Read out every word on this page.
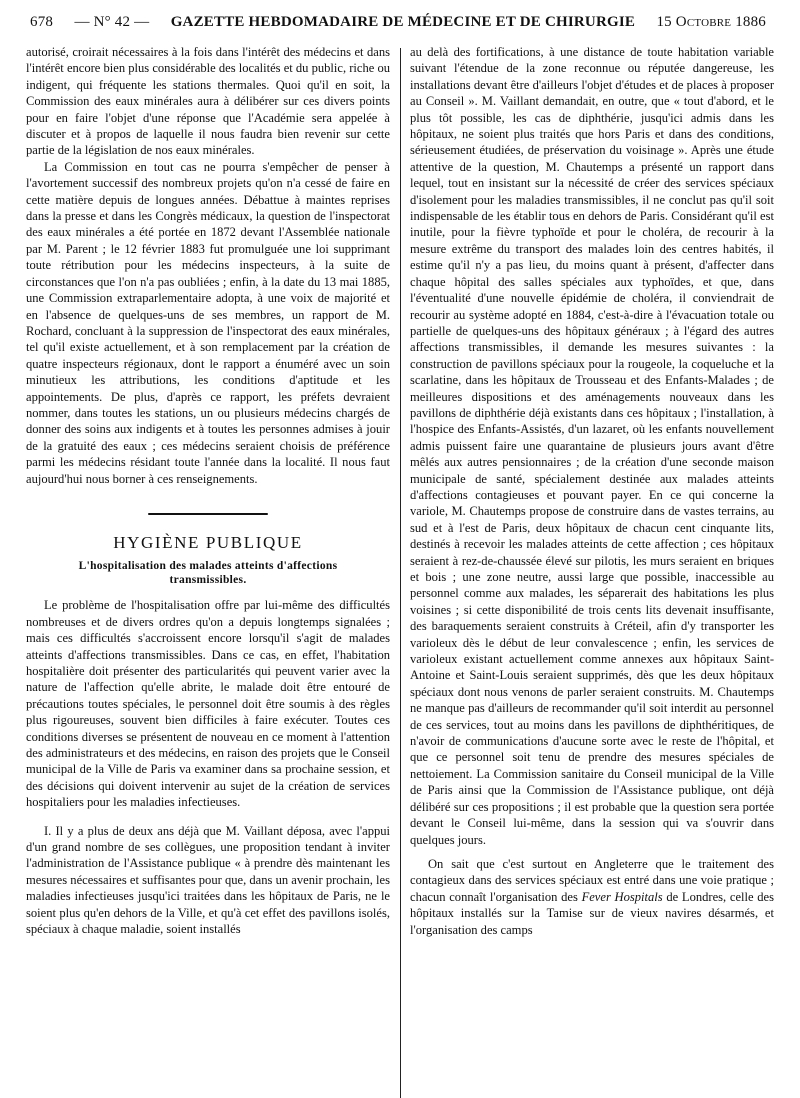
678 — N° 42 — GAZETTE HEBDOMADAIRE DE MÉDECINE ET DE CHIRURGIE 15 Octobre 1886

autorisé, croirait nécessaires à la fois dans l'intérêt des médecins et dans l'intérêt encore bien plus considérable des localités et du public, riche ou indigent, qui fréquente les stations thermales. Quoi qu'il en soit, la Commission des eaux minérales aura à délibérer sur ces divers points pour en faire l'objet d'une réponse que l'Académie sera appelée à discuter et à propos de laquelle il nous faudra bien revenir sur cette partie de la législation de nos eaux minérales.

La Commission en tout cas ne pourra s'empêcher de penser à l'avortement successif des nombreux projets qu'on n'a cessé de faire en cette matière depuis de longues années. Débattue à maintes reprises dans la presse et dans les Congrès médicaux, la question de l'inspectorat des eaux minérales a été portée en 1872 devant l'Assemblée nationale par M. Parent ; le 12 février 1883 fut promulguée une loi supprimant toute rétribution pour les médecins inspecteurs, à la suite de circonstances que l'on n'a pas oubliées ; enfin, à la date du 13 mai 1885, une Commission extraparlementaire adopta, à une voix de majorité et en l'absence de quelques-uns de ses membres, un rapport de M. Rochard, concluant à la suppression de l'inspectorat des eaux minérales, tel qu'il existe actuellement, et à son remplacement par la création de quatre inspecteurs régionaux, dont le rapport a énuméré avec un soin minutieux les attributions, les conditions d'aptitude et les appointements. De plus, d'après ce rapport, les préfets devraient nommer, dans toutes les stations, un ou plusieurs médecins chargés de donner des soins aux indigents et à toutes les personnes admises à jouir de la gratuité des eaux ; ces médecins seraient choisis de préférence parmi les médecins résidant toute l'année dans la localité. Il nous faut aujourd'hui nous borner à ces renseignements.

HYGIÈNE PUBLIQUE
L'hospitalisation des malades atteints d'affections transmissibles.

Le problème de l'hospitalisation offre par lui-même des difficultés nombreuses et de divers ordres qu'on a depuis longtemps signalées ; mais ces difficultés s'accroissent encore lorsqu'il s'agit de malades atteints d'affections transmissibles. Dans ce cas, en effet, l'habitation hospitalière doit présenter des particularités qui peuvent varier avec la nature de l'affection qu'elle abrite, le malade doit être entouré de précautions toutes spéciales, le personnel doit être soumis à des règles plus rigoureuses, souvent bien difficiles à faire exécuter. Toutes ces conditions diverses se présentent de nouveau en ce moment à l'attention des administrateurs et des médecins, en raison des projets que le Conseil municipal de la Ville de Paris va examiner dans sa prochaine session, et des décisions qui doivent intervenir au sujet de la création de services hospitaliers pour les maladies infectieuses.

I. Il y a plus de deux ans déjà que M. Vaillant déposa, avec l'appui d'un grand nombre de ses collègues, une proposition tendant à inviter l'administration de l'Assistance publique « à prendre dès maintenant les mesures nécessaires et suffisantes pour que, dans un avenir prochain, les maladies infectieuses jusqu'ici traitées dans les hôpitaux de Paris, ne le soient plus qu'en dehors de la Ville, et qu'à cet effet des pavillons isolés, spéciaux à chaque maladie, soient installés

au delà des fortifications, à une distance de toute habitation variable suivant l'étendue de la zone reconnue ou réputée dangereuse, les installations devant être d'ailleurs l'objet d'études et de places à proposer au Conseil ». M. Vaillant demandait, en outre, que « tout d'abord, et le plus tôt possible, les cas de diphthérie, jusqu'ici admis dans les hôpitaux, ne soient plus traités que hors Paris et dans des conditions, sérieusement étudiées, de préservation du voisinage ». Après une étude attentive de la question, M. Chautemps a présenté un rapport dans lequel, tout en insistant sur la nécessité de créer des services spéciaux d'isolement pour les maladies transmissibles, il ne conclut pas qu'il soit indispensable de les établir tous en dehors de Paris. Considérant qu'il est inutile, pour la fièvre typhoïde et pour le choléra, de recourir à la mesure extrême du transport des malades loin des centres habités, il estime qu'il n'y a pas lieu, du moins quant à présent, d'affecter dans chaque hôpital des salles spéciales aux typhoïdes, et que, dans l'éventualité d'une nouvelle épidémie de choléra, il conviendrait de recourir au système adopté en 1884, c'est-à-dire à l'évacuation totale ou partielle de quelques-uns des hôpitaux généraux ; à l'égard des autres affections transmissibles, il demande les mesures suivantes : la construction de pavillons spéciaux pour la rougeole, la coqueluche et la scarlatine, dans les hôpitaux de Trousseau et des Enfants-Malades ; de meilleures dispositions et des aménagements nouveaux dans les pavillons de diphthérie déjà existants dans ces hôpitaux ; l'installation, à l'hospice des Enfants-Assistés, d'un lazaret, où les enfants nouvellement admis puissent faire une quarantaine de plusieurs jours avant d'être mêlés aux autres pensionnaires ; de la création d'une seconde maison municipale de santé, spécialement destinée aux malades atteints d'affections contagieuses et pouvant payer. En ce qui concerne la variole, M. Chautemps propose de construire dans de vastes terrains, au sud et à l'est de Paris, deux hôpitaux de chacun cent cinquante lits, destinés à recevoir les malades atteints de cette affection ; ces hôpitaux seraient à rez-de-chaussée élevé sur pilotis, les murs seraient en briques et bois ; une zone neutre, aussi large que possible, inaccessible au personnel comme aux malades, les séparerait des habitations les plus voisines ; si cette disponibilité de trois cents lits devenait insuffisante, des baraquements seraient construits à Créteil, afin d'y transporter les varioleux dès le début de leur convalescence ; enfin, les services de varioleux existant actuellement comme annexes aux hôpitaux Saint-Antoine et Saint-Louis seraient supprimés, dès que les deux hôpitaux spéciaux dont nous venons de parler seraient construits. M. Chautemps ne manque pas d'ailleurs de recommander qu'il soit interdit au personnel de ces services, tout au moins dans les pavillons de diphthéritiques, de n'avoir de communications d'aucune sorte avec le reste de l'hôpital, et que ce personnel soit tenu de prendre des mesures spéciales de nettoiement. La Commission sanitaire du Conseil municipal de la Ville de Paris ainsi que la Commission de l'Assistance publique, ont déjà délibéré sur ces propositions ; il est probable que la question sera portée devant le Conseil lui-même, dans la session qui va s'ouvrir dans quelques jours.

On sait que c'est surtout en Angleterre que le traitement des contagieux dans des services spéciaux est entré dans une voie pratique ; chacun connaît l'organisation des Fever Hospitals de Londres, celle des hôpitaux installés sur la Tamise sur de vieux navires désarmés, et l'organisation des camps
